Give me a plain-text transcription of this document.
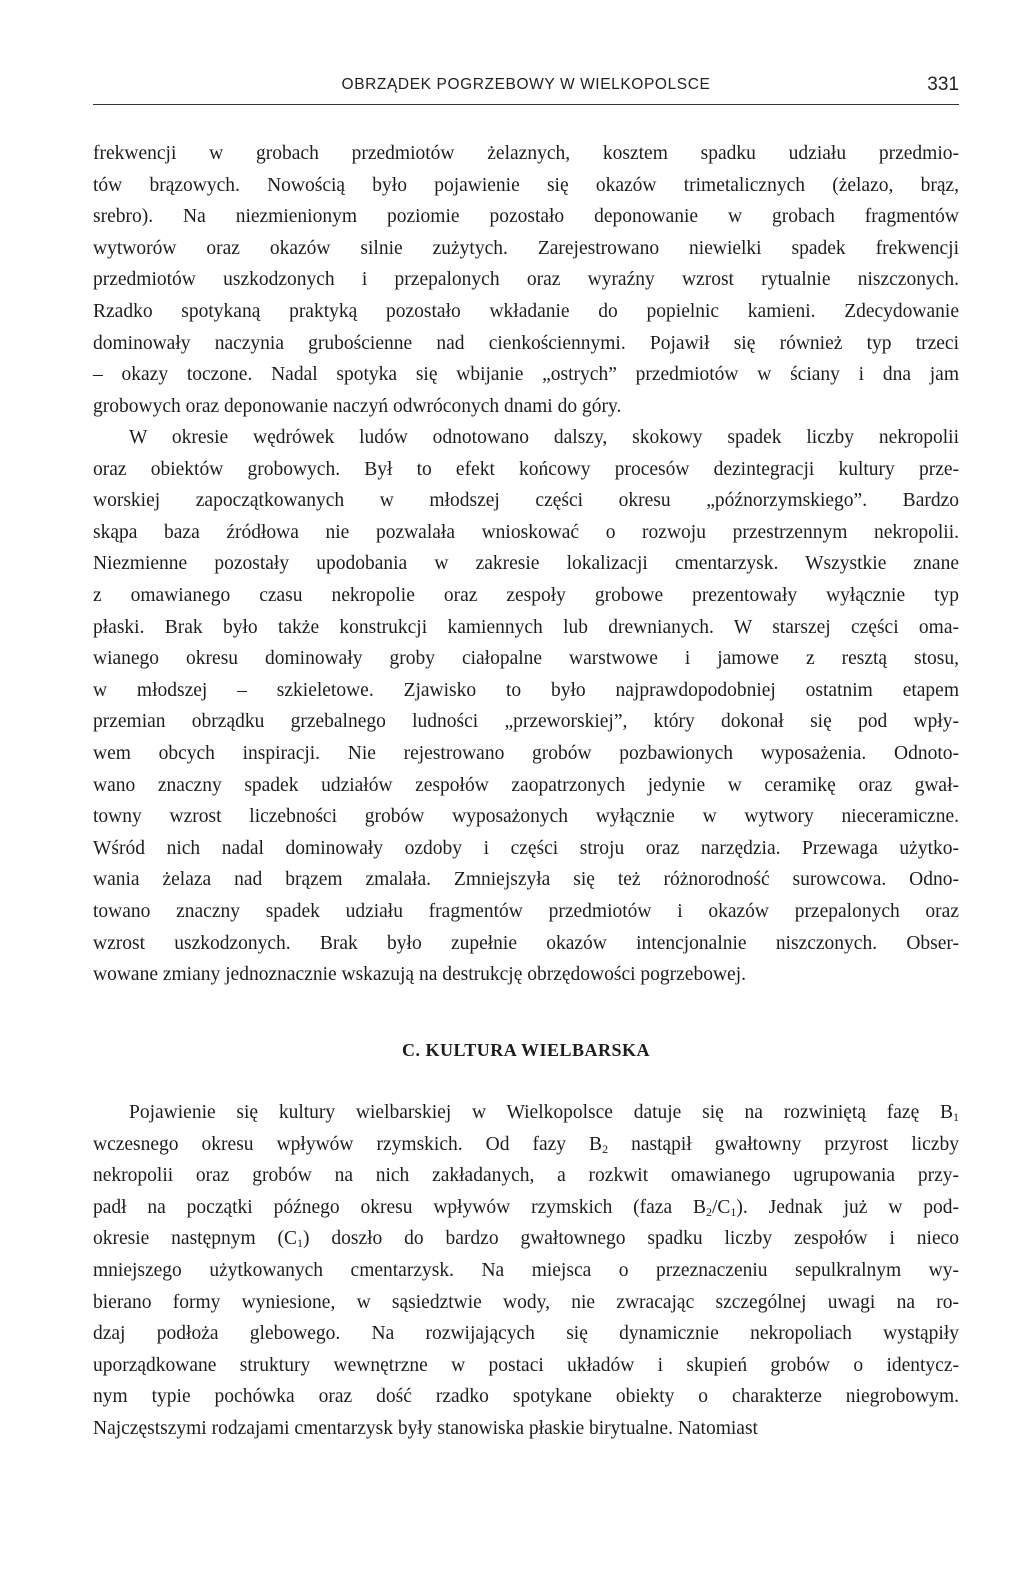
OBRZĄDEK POGRZEBOWY W WIELKOPOLSCE	331
frekwencji w grobach przedmiotów żelaznych, kosztem spadku udziału przedmio-
tów brązowych. Nowością było pojawienie się okazów trimetalicznych (żelazo, brąz,
srebro). Na niezmienionym poziomie pozostało deponowanie w grobach fragmentów
wytworów oraz okazów silnie zużytych. Zarejestrowano niewielki spadek frekwencji
przedmiotów uszkodzonych i przepalonych oraz wyraźny wzrost rytualnie niszczonych.
Rzadko spotykaną praktyką pozostało wkładanie do popielnic kamieni. Zdecydowanie
dominowały naczynia grubościenne nad cienkościennymi. Pojawił się również typ trzeci
– okazy toczone. Nadal spotyka się wbijanie „ostrych” przedmiotów w ściany i dna jam
grobowych oraz deponowanie naczyń odwróconych dnami do góry.
W okresie wędrówek ludów odnotowano dalszy, skokowy spadek liczby nekropolii
oraz obiektów grobowych. Był to efekt końcowy procesów dezintegracji kultury prze-
worskiej zapoczątkowanych w młodszej części okresu „późnorzymskiego”. Bardzo
skąpa baza źródłowa nie pozwalała wnioskować o rozwoju przestrzennym nekropolii.
Niezmienne pozostały upodobania w zakresie lokalizacji cmentarzysk. Wszystkie znane
z omawianego czasu nekropolie oraz zespoły grobowe prezentowały wyłącznie typ
płaski. Brak było także konstrukcji kamiennych lub drewnianych. W starszej części oma-
wianego okresu dominowały groby ciałopalne warstwowe i jamowe z resztą stosu,
w młodszej – szkieletowe. Zjawisko to było najprawdopodobniej ostatnim etapem
przemian obrządku grzebalnego ludności „przeworskiej”, który dokonał się pod wpły-
wem obcych inspiracji. Nie rejestrowano grobów pozbawionych wyposażenia. Odnoto-
wano znaczny spadek udziałów zespołów zaopatrzonych jedynie w ceramikę oraz gwał-
towny wzrost liczebności grobów wyposażonych wyłącznie w wytwory nieceramiczne.
Wśród nich nadal dominowały ozdoby i części stroju oraz narzędzia. Przewaga użytko-
wania żelaza nad brązem zmalała. Zmniejszyła się też różnorodność surowcowa. Odno-
towano znaczny spadek udziału fragmentów przedmiotów i okazów przepalonych oraz
wzrost uszkodzonych. Brak było zupełnie okazów intencjonalnie niszczonych. Obser-
wowane zmiany jednoznacznie wskazują na destrukcję obrzędowości pogrzebowej.
C. KULTURA WIELBARSKA
Pojawienie się kultury wielbarskiej w Wielkopolsce datuje się na rozwiniętą fazę $B_1$
wczesnego okresu wpływów rzymskich. Od fazy $B_2$ nastąpił gwałtowny przyrost liczby
nekropolii oraz grobów na nich zakładanych, a rozkwit omawianego ugrupowania przy-
padł na początki późnego okresu wpływów rzymskich (faza $B_2/C_1$). Jednak już w pod-
okresie następnym $(C_1)$ doszło do bardzo gwałtownego spadku liczby zespołów i nieco
mniejszego użytkowanych cmentarzysk. Na miejsca o przeznaczeniu sepulkralnym wy-
bierano formy wyniesione, w sąsiedztwie wody, nie zwracając szczególnej uwagi na ro-
dzaj podłoża glebowego. Na rozwijających się dynamicznie nekropoliach wystąpiły
uporządkowane struktury wewnętrzne w postaci układów i skupień grobów o identycz-
nym typie pochówka oraz dość rzadko spotykane obiekty o charakterze niegrobowym.
Najczęstszymi rodzajami cmentarzysk były stanowiska płaskie birytualne. Natomiast
